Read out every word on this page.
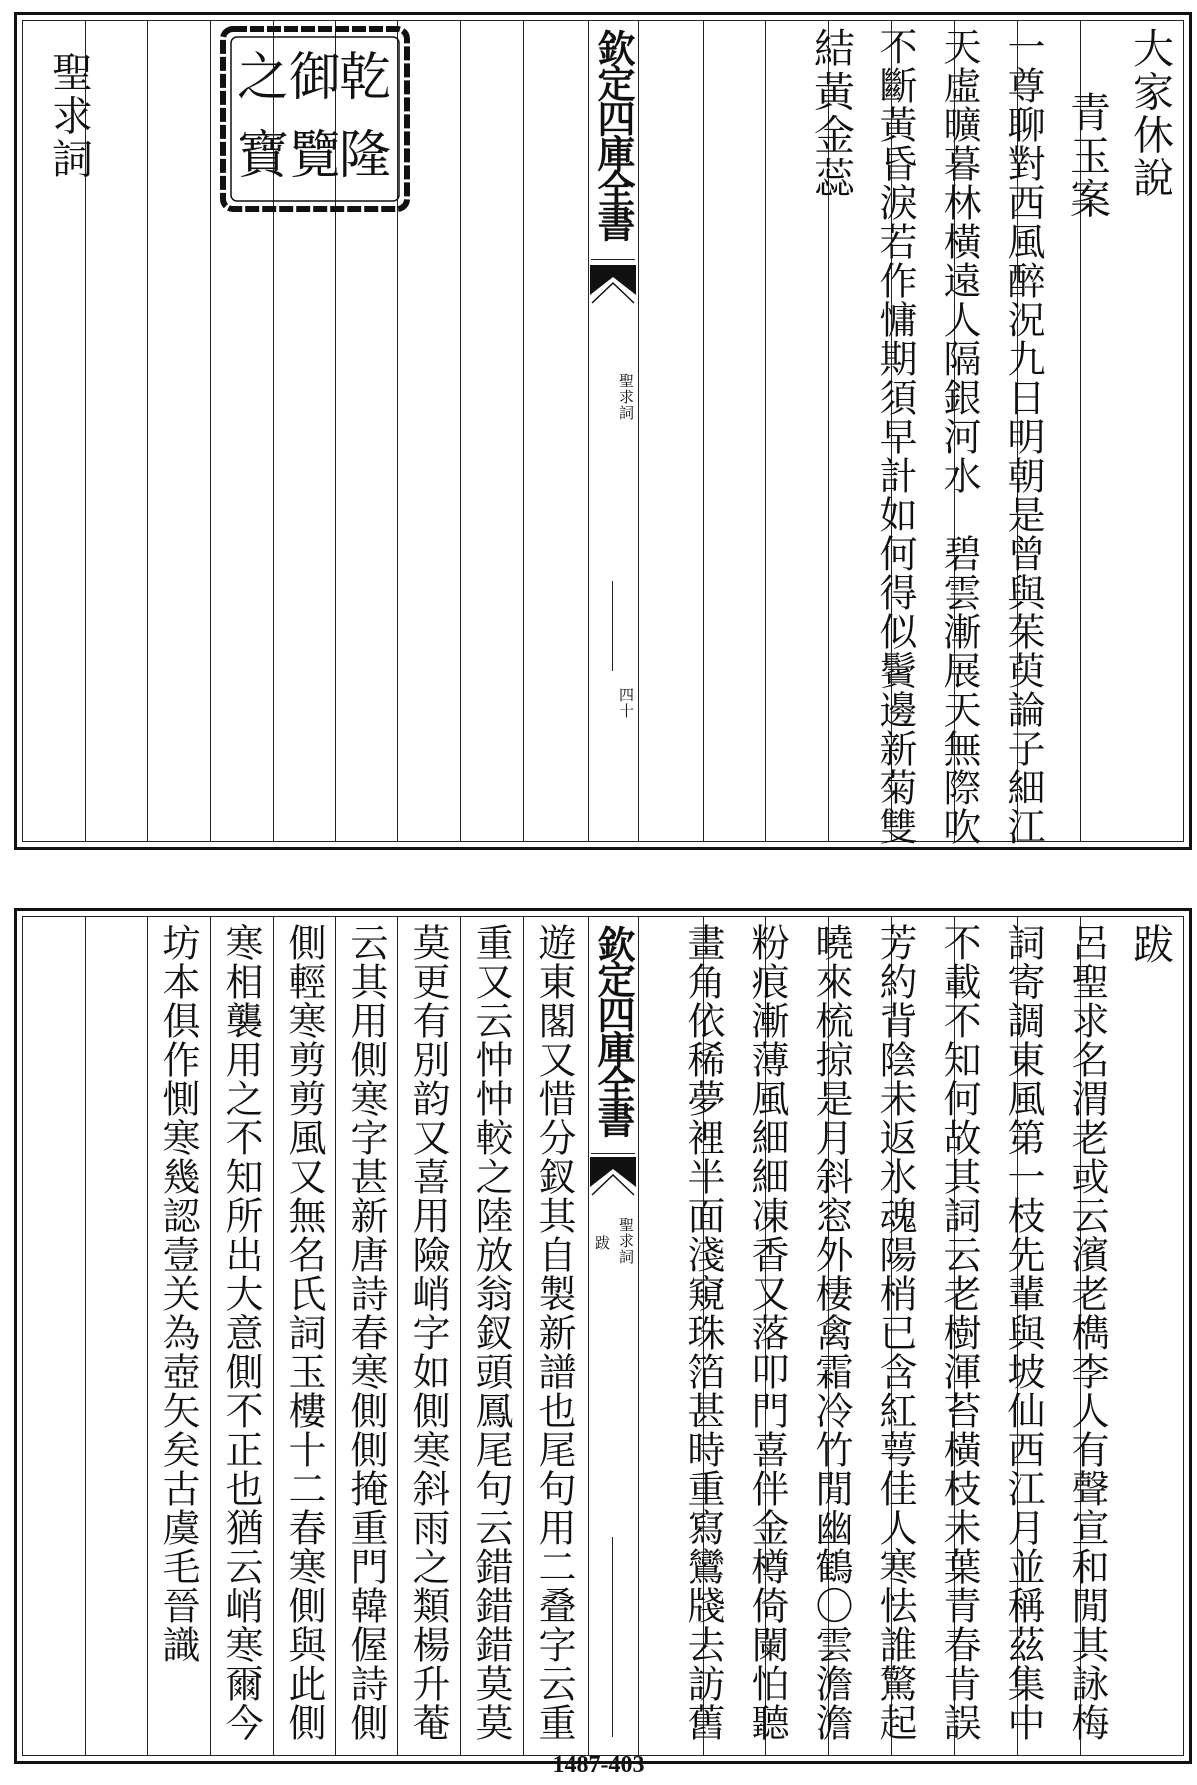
大家休說
青玉案
一尊聊對西風醉況九日明朝是曾與茱萸論子細江
天虛曠暮林橫遠人隔銀河水　碧雲漸展天無際吹
不斷黃昏淚若作慵期須早計如何得似鬢邊新菊雙
結黃金蕊
欽定四庫全書
聖求詞
四十
乾
隆
御
覽
之
寶
聖求詞
跋
呂聖求名渭老或云濱老檇李人有聲宣和閒其詠梅
詞寄調東風第一枝先輩與坡仙西江月並稱茲集中
不載不知何故其詞云老樹渾苔橫枝未葉青春肯誤
芳約背陰未返氷魂陽梢已含紅萼佳人寒怯誰驚起
曉來梳掠是月斜窓外棲禽霜冷竹閒幽鶴〇雲澹澹
粉痕漸薄風細細凍香又落叩門喜伴金樽倚闌怕聽
畫角依稀夢裡半面淺窺珠箔甚時重寫鸞牋去訪舊
欽定四庫全書
聖求詞
跋
遊東閣又惜分釵其自製新譜也尾句用二叠字云重
重又云忡忡較之陸放翁釵頭鳳尾句云錯錯錯莫莫
莫更有別韵又喜用險峭字如側寒斜雨之類楊升菴
云其用側寒字甚新唐詩春寒側側掩重門韓偓詩側
側輕寒剪剪風又無名氏詞玉樓十二春寒側與此側
寒相襲用之不知所出大意側不正也猶云峭寒爾今
坊本俱作惻寒幾認壹关為壺矢矣古虞毛晉識
1487-403
